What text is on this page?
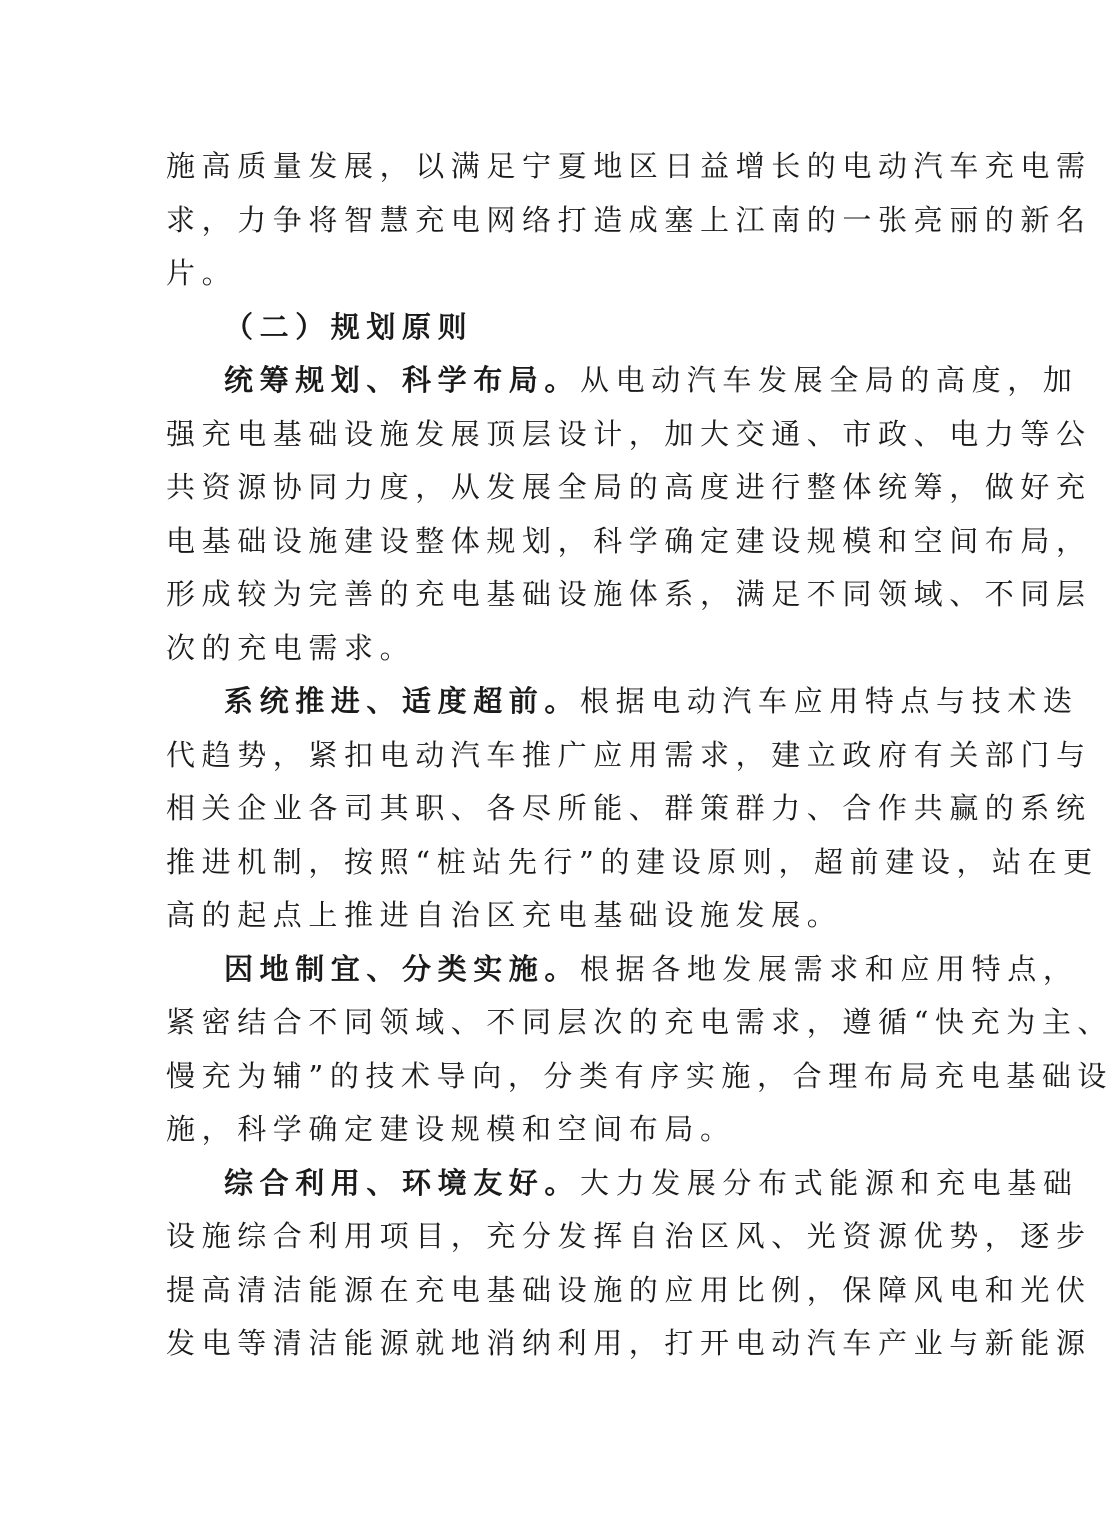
施高质量发展，以满足宁夏地区日益增长的电动汽车充电需
求，力争将智慧充电网络打造成塞上江南的一张亮丽的新名
片。
（二）规划原则
统筹规划、科学布局。从电动汽车发展全局的高度，加
强充电基础设施发展顶层设计，加大交通、市政、电力等公
共资源协同力度，从发展全局的高度进行整体统筹，做好充
电基础设施建设整体规划，科学确定建设规模和空间布局，
形成较为完善的充电基础设施体系，满足不同领域、不同层
次的充电需求。
系统推进、适度超前。根据电动汽车应用特点与技术迭
代趋势，紧扣电动汽车推广应用需求，建立政府有关部门与
相关企业各司其职、各尽所能、群策群力、合作共赢的系统
推进机制，按照“桩站先行”的建设原则，超前建设，站在更
高的起点上推进自治区充电基础设施发展。
因地制宜、分类实施。根据各地发展需求和应用特点，
紧密结合不同领域、不同层次的充电需求，遵循“快充为主、
慢充为辅”的技术导向，分类有序实施，合理布局充电基础设
施，科学确定建设规模和空间布局。
综合利用、环境友好。大力发展分布式能源和充电基础
设施综合利用项目，充分发挥自治区风、光资源优势，逐步
提高清洁能源在充电基础设施的应用比例，保障风电和光伏
发电等清洁能源就地消纳利用，打开电动汽车产业与新能源
